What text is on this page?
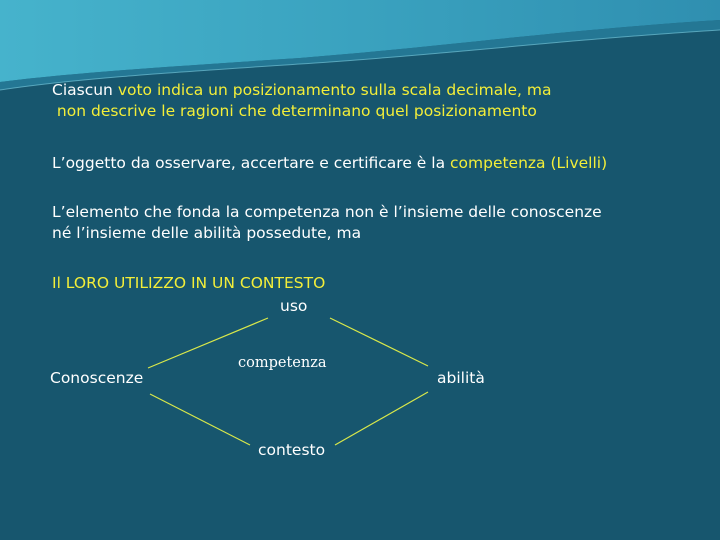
Ciascun voto indica un posizionamento sulla scala decimale, ma
non descrive le ragioni che determinano quel posizionamento

L’oggetto da osservare, accertare e certificare è la competenza (Livelli)

L’elemento che fonda la competenza non è l’insieme delle conoscenze
né l’insieme delle abilità possedute, ma

Il LORO UTILIZZO IN UN CONTESTO

uso
competenza
Conoscenze	abilità
contesto
